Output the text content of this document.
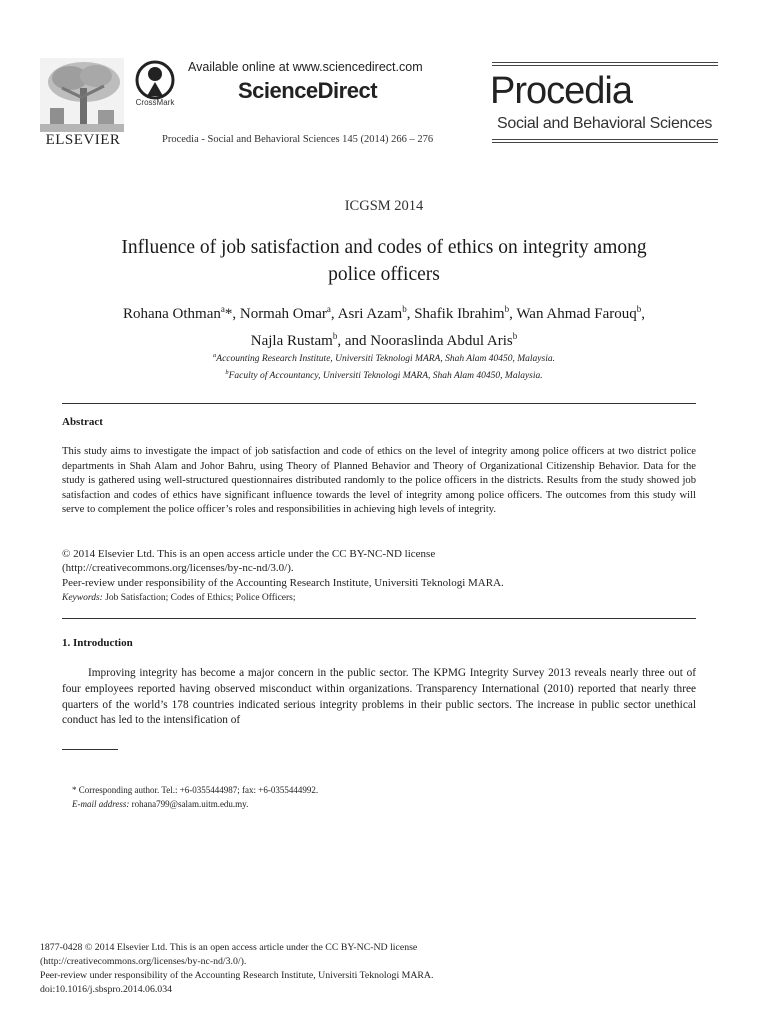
ELSEVIER
CrossMark
Available online at www.sciencedirect.com
ScienceDirect
Procedia - Social and Behavioral Sciences 145 (2014) 266 – 276
Procedia
Social and Behavioral Sciences
ICGSM 2014
Influence of job satisfaction and codes of ethics on integrity among
police officers
Rohana Othman$^a$*, Normah Omar$^a$, Asri Azam$^b$, Shafik Ibrahim$^b$, Wan Ahmad Farouq$^b$,
Najla Rustam$^b$, and Nooraslinda Abdul Aris$^b$
$^a$Accounting Research Institute, Universiti Teknologi MARA, Shah Alam 40450, Malaysia.
$^b$Faculty of Accountancy, Universiti Teknologi MARA, Shah Alam 40450, Malaysia.
Abstract
This study aims to investigate the impact of job satisfaction and code of ethics on the level of integrity among police officers at two district police departments in Shah Alam and Johor Bahru, using Theory of Planned Behavior and Theory of Organizational Citizenship Behavior. Data for the study is gathered using well-structured questionnaires distributed randomly to the police officers in the districts. Results from the study showed job satisfaction and codes of ethics have significant influence towards the level of integrity among police officers. The outcomes from this study will serve to complement the police officer’s roles and responsibilities in achieving high levels of integrity.
© 2014 Elsevier Ltd. This is an open access article under the CC BY-NC-ND license
(http://creativecommons.org/licenses/by-nc-nd/3.0/).
Peer-review under responsibility of the Accounting Research Institute, Universiti Teknologi MARA.
Keywords: Job Satisfaction; Codes of Ethics; Police Officers;
1. Introduction
Improving integrity has become a major concern in the public sector. The KPMG Integrity Survey 2013 reveals nearly three out of four employees reported having observed misconduct within organizations. Transparency International (2010) reported that nearly three quarters of the world’s 178 countries indicated serious integrity problems in their public sectors. The increase in public sector unethical conduct has led to the intensification of
* Corresponding author. Tel.: +6-0355444987; fax: +6-0355444992.
E-mail address: rohana799@salam.uitm.edu.my.
1877-0428 © 2014 Elsevier Ltd. This is an open access article under the CC BY-NC-ND license
(http://creativecommons.org/licenses/by-nc-nd/3.0/).
Peer-review under responsibility of the Accounting Research Institute, Universiti Teknologi MARA.
doi:10.1016/j.sbspro.2014.06.034
